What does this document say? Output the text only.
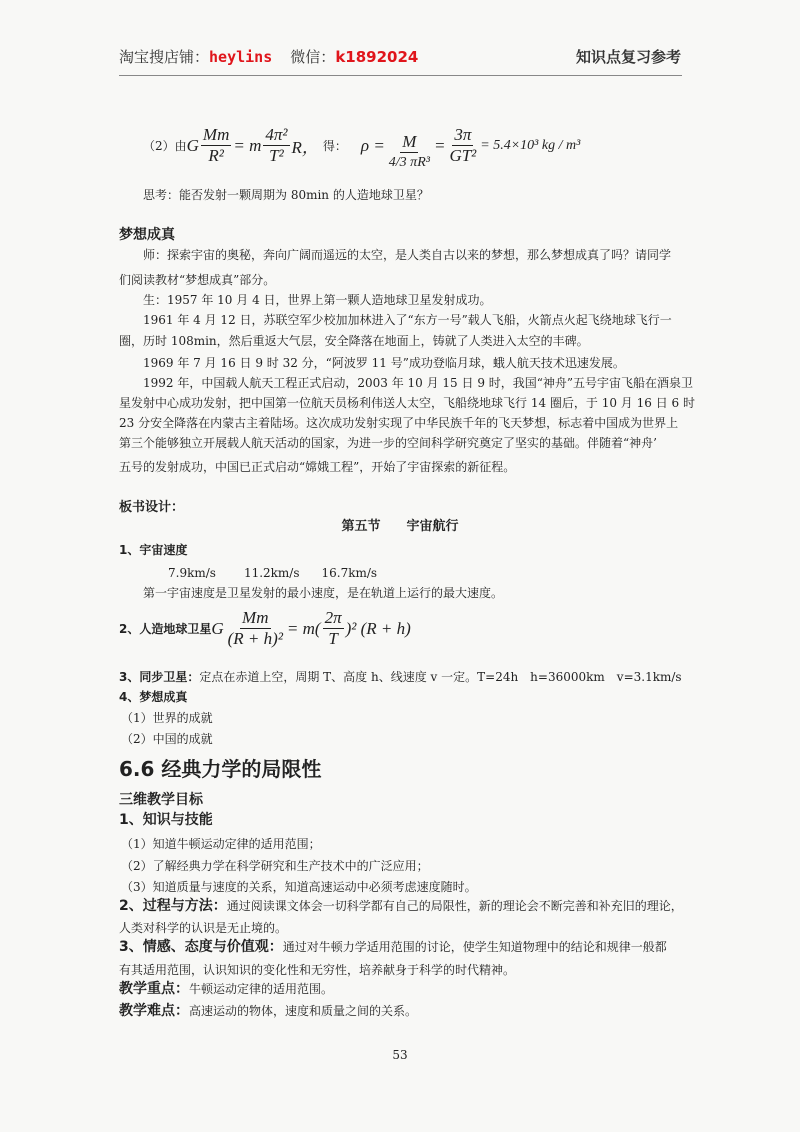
淘宝搜店铺：heylins 微信：k1892024	知识点复习参考
（2）由 G $\frac{Mm}{\text{R²}} = m \frac{\text{4π²}}{\text{T²}}$ R， 得： $\rho = \frac{M}{\text{4/3 πR³}} = \frac{3\pi}{\text{GT²}} = 5.4\times 10^3$ kg / m³
思考：能否发射一颗周期为 80min 的人造地球卫星？
梦想成真
师：探索宇宙的奥秘，奔向广阔而遥远的太空，是人类自古以来的梦想，那么梦想成真了吗？请同学
们阅读教材“梦想成真”部分。
生：1957 年 10 月 4 日，世界上第一颗人造地球卫星发射成功。
1961 年 4 月 12 日，苏联空军少校加加林进入了“东方一号”载人飞船，火箭点火起飞绕地球飞行一
圈，历时 108min，然后重返大气层，安全降落在地面上，铸就了人类进入太空的丰碑。
1969 年 7 月 16 日 9 时 32 分，“阿波罗 11 号”成功登临月球，蛾人航天技术迅速发展。
1992 年，中国载人航天工程正式启动，2003 年 10 月 15 日 9 时，我国“神舟”五号宇宙飞船在酒泉卫
星发射中心成功发射，把中国第一位航天员杨利伟送人太空，飞船绕地球飞行 14 圈后，于 10 月 16 日 6 时
23 分安全降落在内蒙古主着陆场。这次成功发射实现了中华民族千年的飞天梦想，标志着中国成为世界上
第三个能够独立开展载人航天活动的国家，为进一步的空间科学研究奠定了坚实的基础。伴随着“神舟’
五号的发射成功，中国已正式启动“嫦娥工程”，开始了宇宙探索的新征程。
板书设计：
第五节　　宇宙航行
1、宇宙速度
7.9km/s 11.2km/s 16.7km/s
第一宇宙速度是卫星发射的最小速度，是在轨道上运行的最大速度。
2、人造地球卫星 G $\frac{Mm}{\text{(R + h)²}} = m( \frac{2\pi}{T} )^2$ (R + h)
3、同步卫星：定点在赤道上空，周期 T、高度 h、线速度 v 一定。T=24h　h=36000km　v=3.1km/s
4、梦想成真
（1）世界的成就
（2）中国的成就
6.6 经典力学的局限性
三维教学目标
1、知识与技能
（1）知道牛顿运动定律的适用范围；
（2）了解经典力学在科学研究和生产技术中的广泛应用；
（3）知道质量与速度的关系，知道高速运动中必须考虑速度随时。
2、过程与方法：通过阅读课文体会一切科学都有自己的局限性，新的理论会不断完善和补充旧的理论，
人类对科学的认识是无止境的。
3、情感、态度与价值观：通过对牛顿力学适用范围的讨论，使学生知道物理中的结论和规律一般都
有其适用范围，认识知识的变化性和无穷性，培养献身于科学的时代精神。
教学重点：牛顿运动定律的适用范围。
教学难点：高速运动的物体，速度和质量之间的关系。
53
